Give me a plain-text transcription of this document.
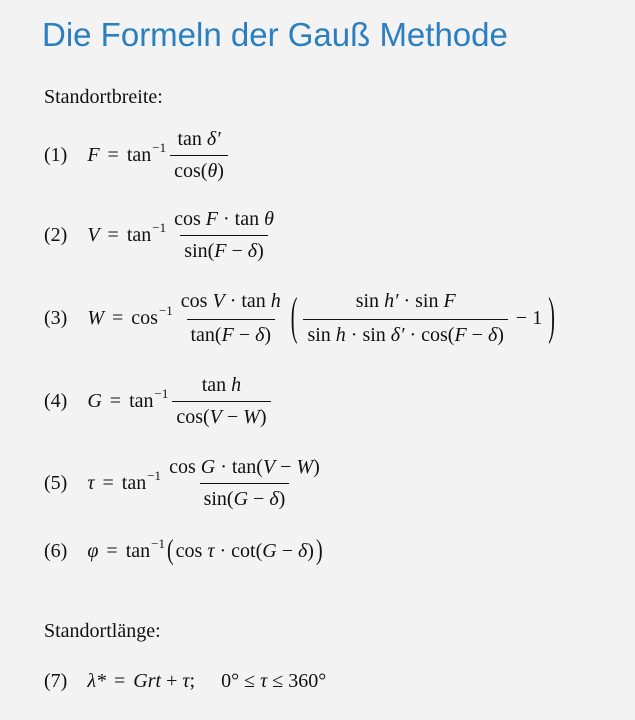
Die Formeln der Gauß Methode
Standortbreite:
(1) $F = \tan^{-1} \frac{\text{tan δ′}}{\cos(\theta)}$
(2) $V = \tan^{-1} \frac{\text{cos F · tan θ}}{\sin(F - \delta)}$
(3) $W = \cos^{-1} \frac{\text{cos V · tan h}}{\tan(F - \delta)}$ ( $\frac{\text{sin h′ · sin F}}{\text{sin h · sin δ′ · cos(F − δ)}} - 1$ )
(4) $G = \tan^{-1} \frac{\text{tan h}}{\cos(V - W)}$
(5) $\tau = \tan^{-1} \frac{\text{cos G · tan(V − W)}}{\sin(G - \delta)}$
(6) $\varphi = \tan^{-1}$ ( cos τ · cot(G − δ) )
Standortlänge:
(7) λ* = Grt + τ; 0° ≤ τ ≤ 360°
